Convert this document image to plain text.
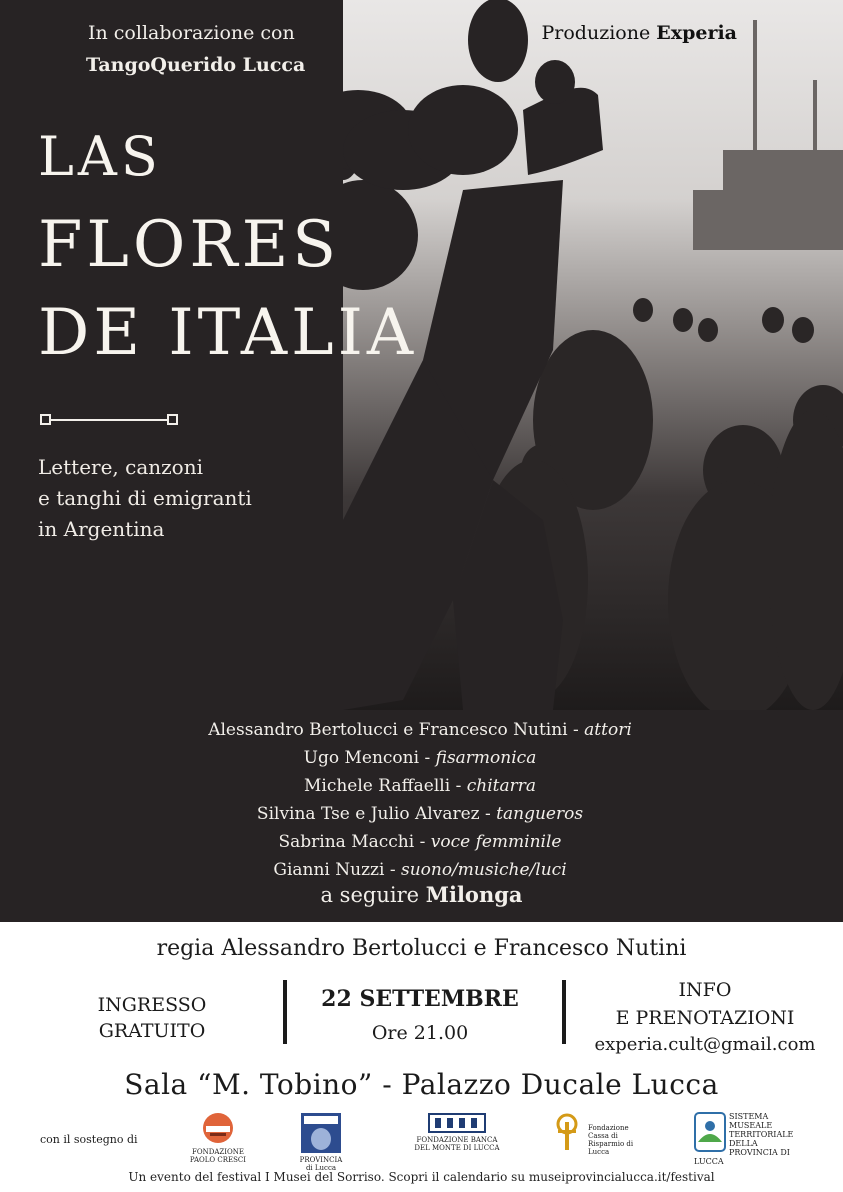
In collaborazione con
TangoQuerido Lucca
Produzione Experia
LAS
FLORES
DE ITALIA
Lettere, canzoni
e tanghi di emigranti
in Argentina
Alessandro Bertolucci e Francesco Nutini - attori
Ugo Menconi - fisarmonica
Michele Raffaelli - chitarra
Silvina Tse e Julio Alvarez - tangueros
Sabrina Macchi - voce femminile
Gianni Nuzzi - suono/musiche/luci
a seguire Milonga
regia Alessandro Bertolucci e Francesco Nutini
INGRESSO
GRATUITO
22 SETTEMBRE
Ore 21.00
INFO
E PRENOTAZIONI
experia.cult@gmail.com
Sala “M. Tobino” - Palazzo Ducale Lucca
con il sostegno di
FONDAZIONE PAOLO CRESCI	PROVINCIA di Lucca
FONDAZIONE BANCA DEL MONTE DI LUCCA
Fondazione Cassa di Risparmio di Lucca
SISTEMA MUSEALE TERRITORIALE DELLA PROVINCIA DI LUCCA
Un evento del festival I Musei del Sorriso. Scopri il calendario su museiprovincialucca.it/festival
